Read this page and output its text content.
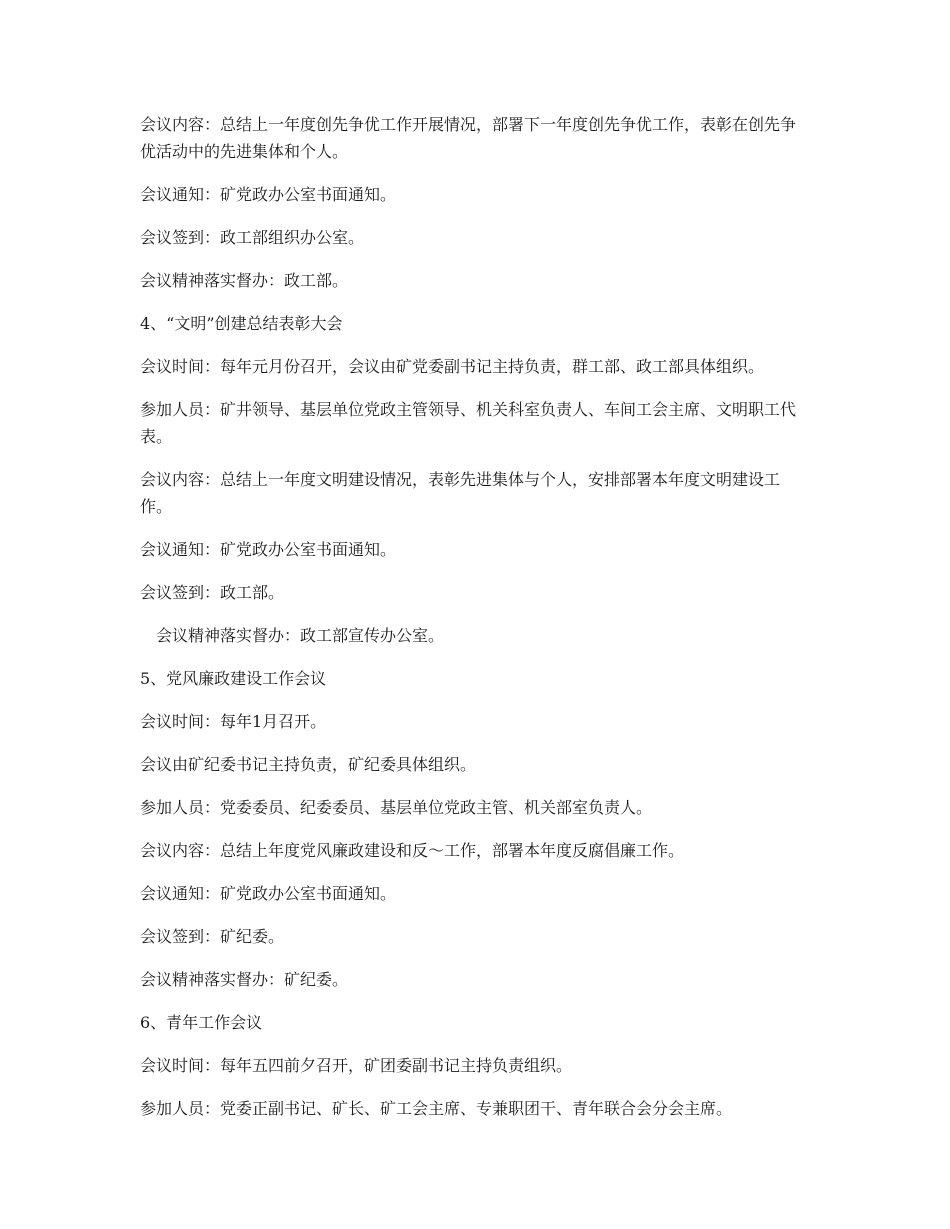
会议内容：总结上一年度创先争优工作开展情况，部署下一年度创先争优工作，表彰在创先争优活动中的先进集体和个人。

会议通知：矿党政办公室书面通知。

会议签到：政工部组织办公室。

会议精神落实督办：政工部。

4、“文明”创建总结表彰大会

会议时间：每年元月份召开，会议由矿党委副书记主持负责，群工部、政工部具体组织。

参加人员：矿井领导、基层单位党政主管领导、机关科室负责人、车间工会主席、文明职工代表。

会议内容：总结上一年度文明建设情况，表彰先进集体与个人，安排部署本年度文明建设工作。

会议通知：矿党政办公室书面通知。

会议签到：政工部。

会议精神落实督办：政工部宣传办公室。

5、党风廉政建设工作会议

会议时间：每年1月召开。

会议由矿纪委书记主持负责，矿纪委具体组织。

参加人员：党委委员、纪委委员、基层单位党政主管、机关部室负责人。

会议内容：总结上年度党风廉政建设和反～工作，部署本年度反腐倡廉工作。

会议通知：矿党政办公室书面通知。

会议签到：矿纪委。

会议精神落实督办：矿纪委。

6、青年工作会议

会议时间：每年五四前夕召开，矿团委副书记主持负责组织。

参加人员：党委正副书记、矿长、矿工会主席、专兼职团干、青年联合会分会主席。
